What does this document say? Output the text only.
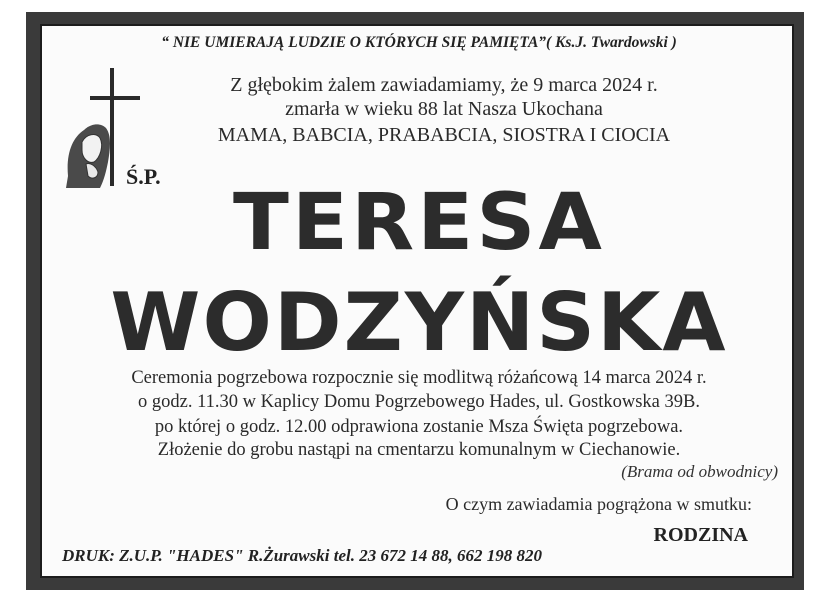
“ NIE UMIERAJĄ LUDZIE O KTÓRYCH SIĘ PAMIĘTA”( Ks.J. Twardowski )
Ś.P.
Z głębokim żalem zawiadamiamy, że 9 marca 2024 r.
zmarła w wieku 88 lat Nasza Ukochana
MAMA, BABCIA, PRABABCIA, SIOSTRA I CIOCIA
TERESA
WODZYŃSKA
Ceremonia pogrzebowa rozpocznie się modlitwą różańcową 14 marca 2024 r.
o godz. 11.30 w Kaplicy Domu Pogrzebowego Hades, ul. Gostkowska 39B.
po której o godz. 12.00 odprawiona zostanie Msza Święta pogrzebowa.
Złożenie do grobu nastąpi na cmentarzu komunalnym w Ciechanowie.
(Brama od obwodnicy)
O czym zawiadamia pogrążona w smutku:
RODZINA
DRUK: Z.U.P. "HADES" R.Żurawski tel. 23 672 14 88, 662 198 820
